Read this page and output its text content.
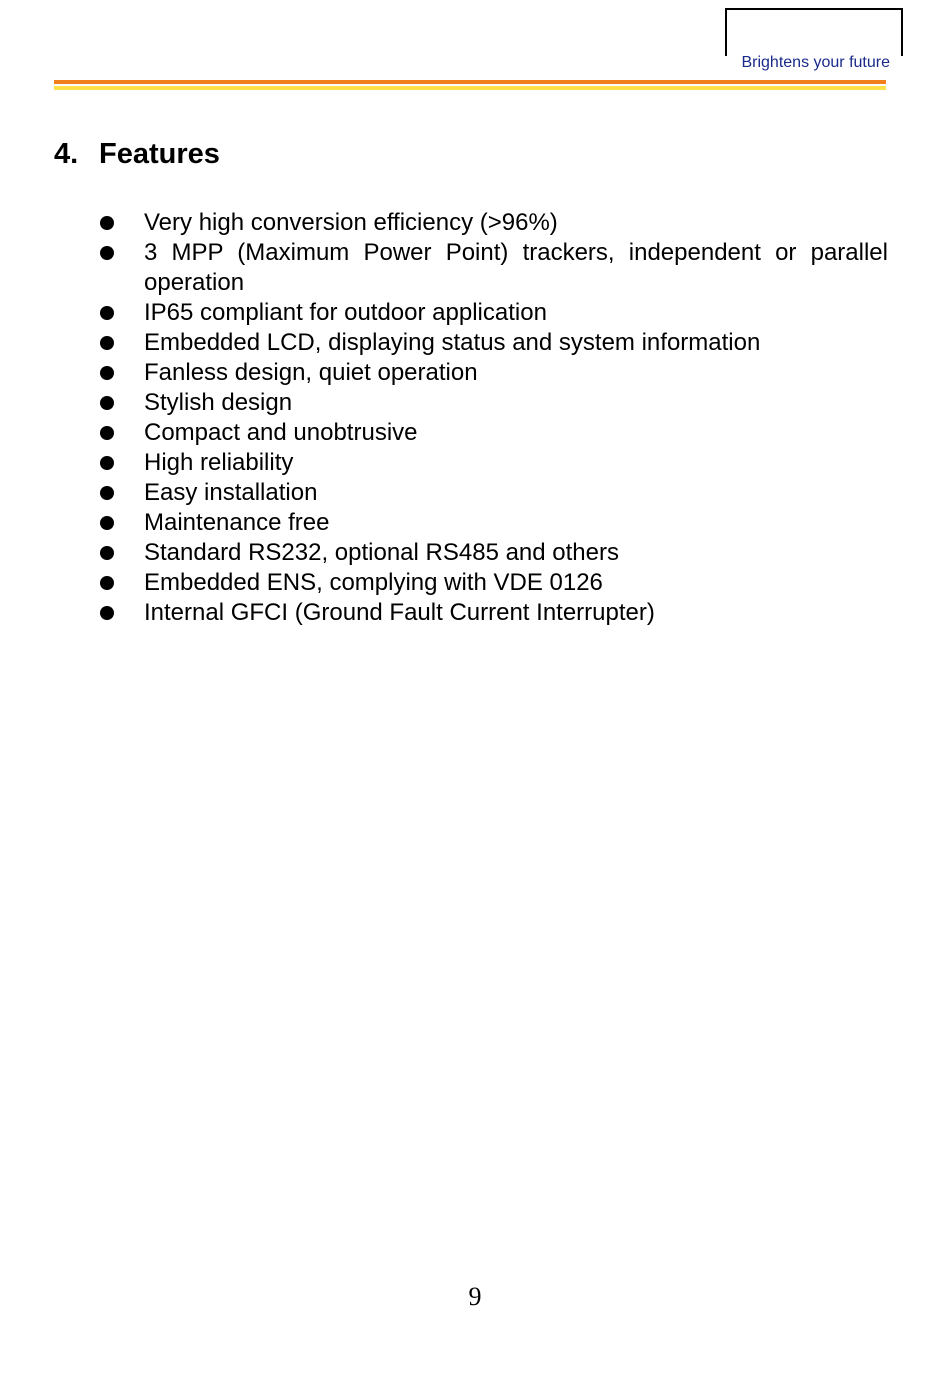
Brightens your future
4. Features
Very high conversion efficiency (>96%)
3 MPP (Maximum Power Point) trackers, independent or parallel operation
IP65 compliant for outdoor application
Embedded LCD, displaying status and system information
Fanless design, quiet operation
Stylish design
Compact and unobtrusive
High reliability
Easy installation
Maintenance free
Standard RS232, optional RS485 and others
Embedded ENS, complying with VDE 0126
Internal GFCI (Ground Fault Current Interrupter)
9
